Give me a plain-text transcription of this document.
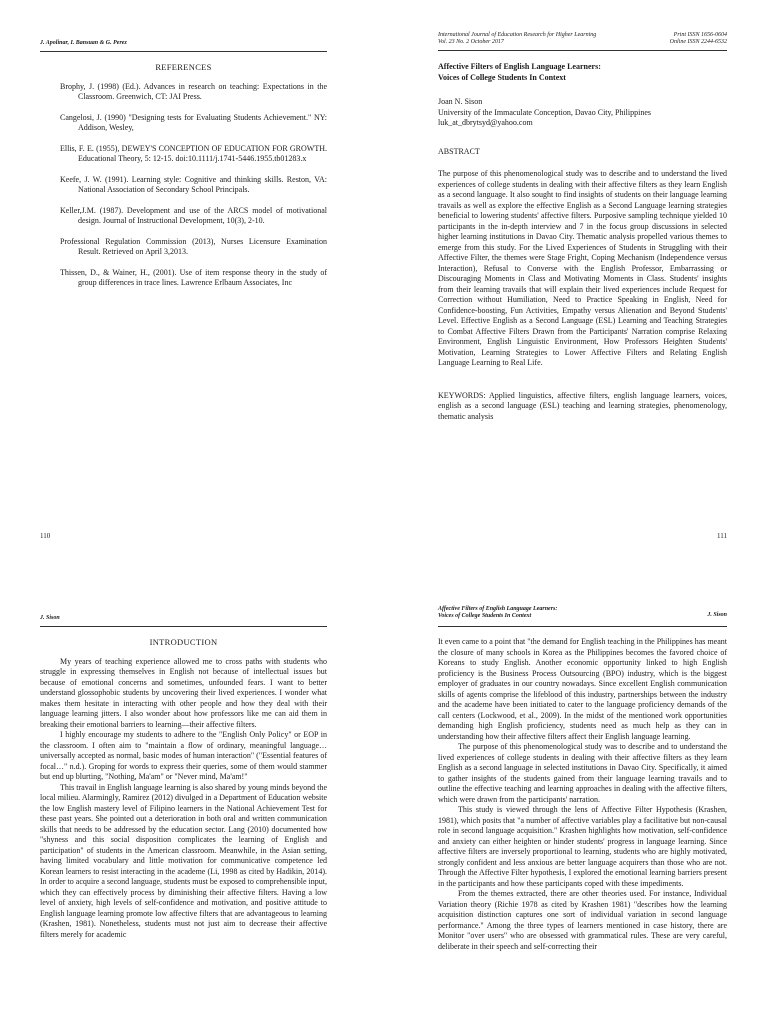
J. Apolinar, I. Bansuan & G. Perez
REFERENCES

Brophy, J. (1998) (Ed.). Advances in research on teaching: Expectations in the Classroom. Greenwich, CT: JAI Press.

Cangelosi, J. (1990) "Designing tests for Evaluating Students Achievement." NY: Addison, Wesley,

Ellis, F. E. (1955), DEWEY'S CONCEPTION OF EDUCATION FOR GROWTH. Educational Theory, 5: 12-15. doi:10.1111/j.1741-5446.1955.tb01283.x

Keefe, J. W. (1991). Learning style: Cognitive and thinking skills. Reston, VA: National Association of Secondary School Principals.

Keller,J.M. (1987). Development and use of the ARCS model of motivational design. Journal of Instructional Development, 10(3), 2-10.

Professional Regulation Commission (2013), Nurses Licensure Examination Result. Retrieved on April 3,2013.

Thissen, D., & Wainer, H., (2001). Use of item response theory in the study of group differences in trace lines. Lawrence Erlbaum Associates, Inc

110
International Journal of Education Research for Higher Learning
Vol. 23 No. 2 October 2017
Print ISSN 1656-0604
Online ISSN 2244-6532
Affective Filters of English Language Learners:
Voices of College Students In Context
Joan N. Sison
University of the Immaculate Conception, Davao City, Philippines
luk_at_dbrytsyd@yahoo.com
ABSTRACT

The purpose of this phenomenological study was to describe and to understand the lived experiences of college students in dealing with their affective filters as they learn English as a second language. It also sought to find insights of students on their language learning travails as well as explore the effective English as a Second Language learning strategies beneficial to lowering students' affective filters. Purposive sampling technique yielded 10 participants in the in-depth interview and 7 in the focus group discussions in selected higher learning institutions in Davao City. Thematic analysis propelled various themes to emerge from this study. For the Lived Experiences of Students in Struggling with their Affective Filter, the themes were Stage Fright, Coping Mechanism (Independence versus Interaction), Refusal to Converse with the English Professor, Embarrassing or Discouraging Moments in Class and Motivating Moments in Class. Students' insights from their learning travails that will explain their lived experiences include Request for Correction without Humiliation, Need to Practice Speaking in English, Need for Confidence-boosting, Fun Activities, Empathy versus Alienation and Beyond Students' Level. Effective English as a Second Language (ESL) Learning and Teaching Strategies to Combat Affective Filters Drawn from the Participants' Narration comprise Relaxing Environment, English Linguistic Environment, How Professors Heighten Students' Motivation, Learning Strategies to Lower Affective Filters and Relating English Language Learning to Real Life.

KEYWORDS: Applied linguistics, affective filters, english language learners, voices, english as a second language (ESL) teaching and learning strategies, phenomenology, thematic analysis

111
J. Sison
INTRODUCTION

My years of teaching experience allowed me to cross paths with students who struggle in expressing themselves in English not because of intellectual issues but because of emotional concerns and sometimes, unfounded fears. I want to better understand glossophobic students by uncovering their lived experiences. I wonder what makes them hesitate in interacting with other people and how they deal with their language learning jitters. I also wonder about how professors like me can aid them in breaking their emotional barriers to learning—their affective filters.

I highly encourage my students to adhere to the "English Only Policy" or EOP in the classroom. I often aim to "maintain a flow of ordinary, meaningful language… universally accepted as normal, basic modes of human interaction" ("Essential features of focal…" n.d.). Groping for words to express their queries, some of them would stammer but end up blurting, "Nothing, Ma'am" or "Never mind, Ma'am!"

This travail in English language learning is also shared by young minds beyond the local milieu. Alarmingly, Ramirez (2012) divulged in a Department of Education website the low English mastery level of Filipino learners in the National Achievement Test for these past years. She pointed out a deterioration in both oral and written communication skills that needs to be addressed by the education sector. Lang (2010) documented how "shyness and this social disposition complicates the learning of English and participation" of students in the American classroom. Meanwhile, in the Asian setting, having limited vocabulary and little motivation for communicative competence led Korean learners to resist interacting in the academe (Li, 1998 as cited by Hadikin, 2014). In order to acquire a second language, students must be exposed to comprehensible input, which they can effectively process by diminishing their affective filters. Having a low level of anxiety, high levels of self-confidence and motivation, and positive attitude to English language learning promote low affective filters that are advantageous to learning (Krashen, 1981). Nonetheless, students must not just aim to decrease their affective filters merely for academic

Affective Filters of English Language Learners:
Voices of College Students In Context	J. Sison

It even came to a point that "the demand for English teaching in the Philippines has meant the closure of many schools in Korea as the Philippines becomes the favored choice of Koreans to study English. Another economic opportunity linked to high English proficiency is the Business Process Outsourcing (BPO) industry, which is the biggest employer of graduates in our country nowadays. Since excellent English communication skills of agents comprise the lifeblood of this industry, partnerships between the industry and the academe have been initiated to cater to the language proficiency demands of the call centers (Lockwood, et al., 2009). In the midst of the mentioned work opportunities demanding high English proficiency, students need as much help as they can in understanding how their affective filters affect their English language learning.

The purpose of this phenomenological study was to describe and to understand the lived experiences of college students in dealing with their affective filters as they learn English as a second language in selected institutions in Davao City. Specifically, it aimed to gather insights of the students gained from their language learning travails and to outline the effective teaching and learning approaches in dealing with the affective filters, which were drawn from the participants' narration.

This study is viewed through the lens of Affective Filter Hypothesis (Krashen, 1981), which posits that "a number of affective variables play a facilitative but non-causal role in second language acquisition." Krashen highlights how motivation, self-confidence and anxiety can either heighten or hinder students' progress in language learning. Since affective filters are inversely proportional to learning, students who are highly motivated, strongly confident and less anxious are better language acquirers than those who are not. Through the Affective Filter hypothesis, I explored the emotional learning barriers present in the participants and how these participants coped with these impediments.

From the themes extracted, there are other theories used. For instance, Individual Variation theory (Richie 1978 as cited by Krashen 1981) "describes how the learning acquisition distinction captures one sort of individual variation in second language performance." Among the three types of learners mentioned in case history, there are Monitor "over users" who are obsessed with grammatical rules. These are very careful, deliberate in their speech and self-correcting their
